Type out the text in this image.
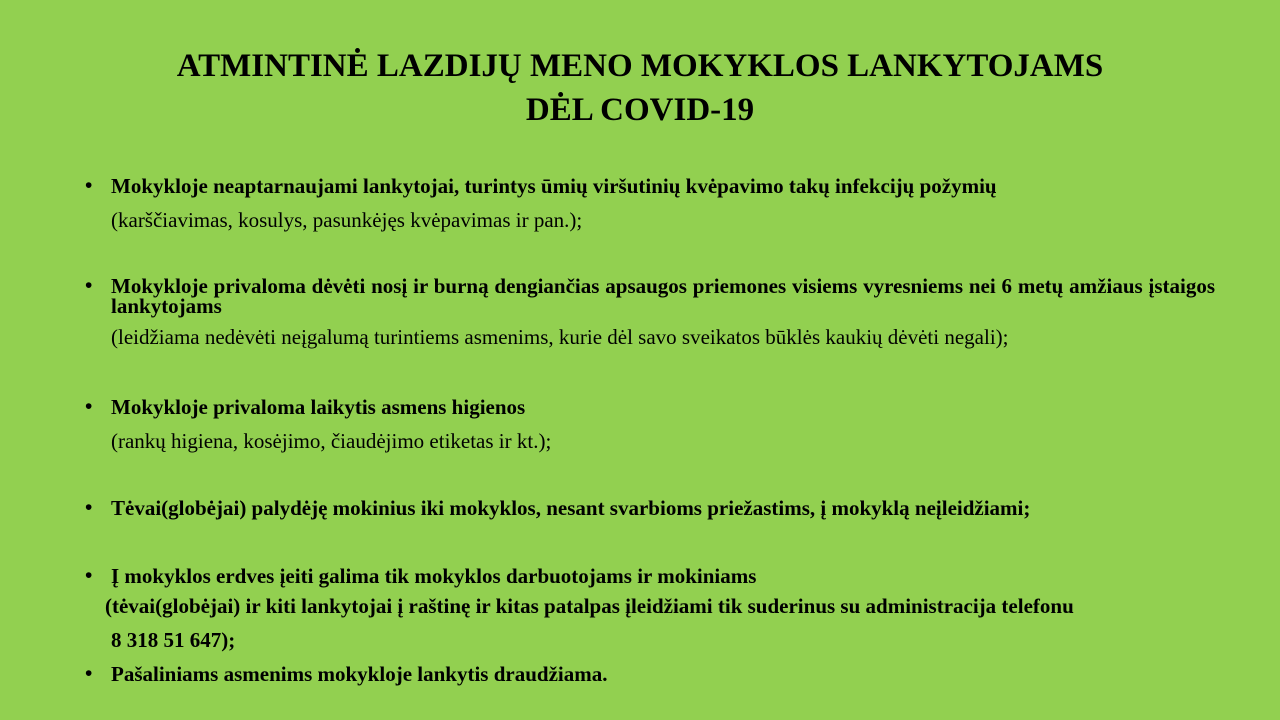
ATMINTINĖ LAZDIJŲ MENO MOKYKLOS LANKYTOJAMS
DĖL COVID-19
• Mokykloje neaptarnaujami lankytojai, turintys ūmių viršutinių kvėpavimo takų infekcijų požymių
(karščiavimas, kosulys, pasunkėjęs kvėpavimas ir pan.);
• Mokykloje privaloma dėvėti nosį ir burną dengiančias apsaugos priemones visiems vyresniems nei 6 metų amžiaus įstaigos lankytojams
(leidžiama nedėvėti neįgalumą turintiems asmenims, kurie dėl savo sveikatos būklės kaukių dėvėti negali);
• Mokykloje privaloma laikytis asmens higienos
(rankų higiena, kosėjimo, čiaudėjimo etiketas ir kt.);
• Tėvai(globėjai) palydėję mokinius iki mokyklos, nesant svarbioms priežastims, į mokyklą neįleidžiami;
• Į mokyklos erdves įeiti galima tik mokyklos darbuotojams ir mokiniams
(tėvai(globėjai) ir kiti lankytojai į raštinę ir kitas patalpas įleidžiami tik suderinus su administracija telefonu
8 318 51 647);
• Pašaliniams asmenims mokykloje lankytis draudžiama.
